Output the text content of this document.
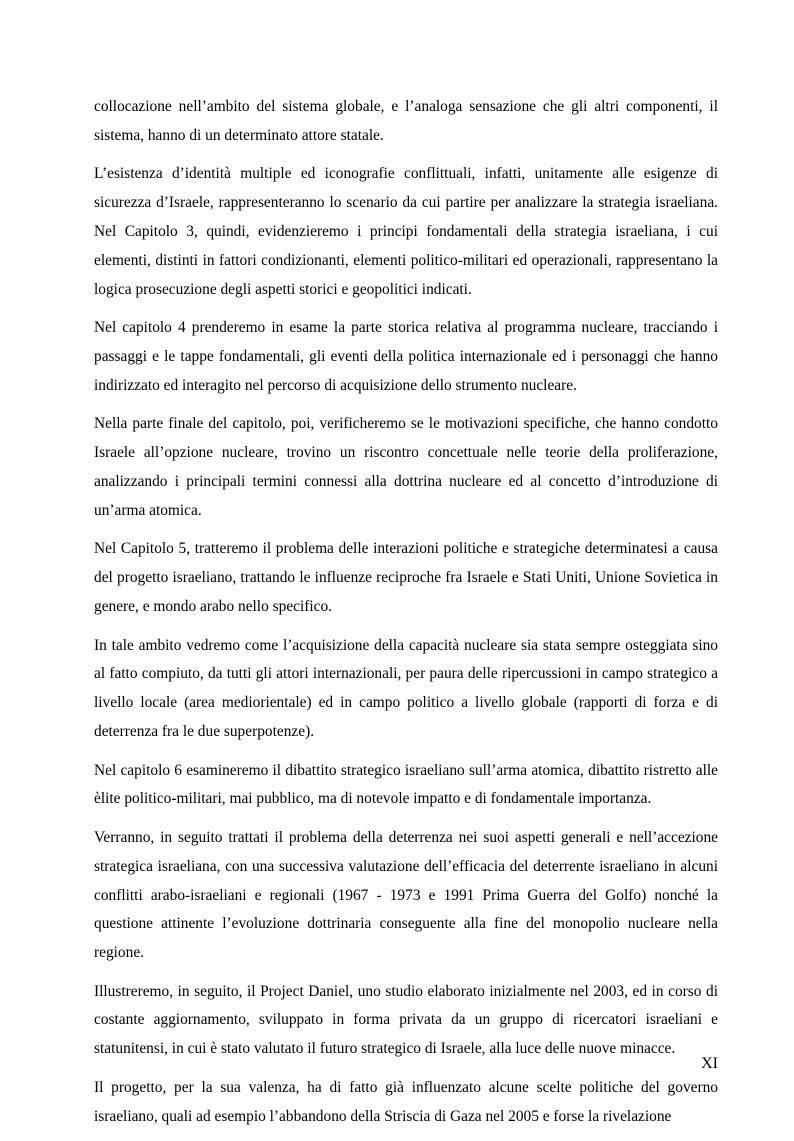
collocazione nell’ambito del sistema globale, e l’analoga sensazione che gli altri componenti, il sistema, hanno di un determinato attore statale.

L’esistenza d’identità multiple ed iconografie conflittuali, infatti, unitamente alle esigenze di sicurezza d’Israele, rappresenteranno lo scenario da cui partire per analizzare la strategia israeliana. Nel Capitolo 3, quindi, evidenzieremo i principi fondamentali della strategia israeliana, i cui elementi, distinti in fattori condizionanti, elementi politico-militari ed operazionali, rappresentano la logica prosecuzione degli aspetti storici e geopolitici indicati.

Nel capitolo 4 prenderemo in esame la parte storica relativa al programma nucleare, tracciando i passaggi e le tappe fondamentali, gli eventi della politica internazionale ed i personaggi che hanno indirizzato ed interagito nel percorso di acquisizione dello strumento nucleare.

Nella parte finale del capitolo, poi, verificheremo se le motivazioni specifiche, che hanno condotto Israele all’opzione nucleare, trovino un riscontro concettuale nelle teorie della proliferazione, analizzando i principali termini connessi alla dottrina nucleare ed al concetto d’introduzione di un’arma atomica.

Nel Capitolo 5, tratteremo il problema delle interazioni politiche e strategiche determinatesi a causa del progetto israeliano, trattando le influenze reciproche fra Israele e Stati Uniti, Unione Sovietica in genere, e mondo arabo nello specifico.

In tale ambito vedremo come l’acquisizione della capacità nucleare sia stata sempre osteggiata sino al fatto compiuto, da tutti gli attori internazionali, per paura delle ripercussioni in campo strategico a livello locale (area mediorientale) ed in campo politico a livello globale (rapporti di forza e di deterrenza fra le due superpotenze).

Nel capitolo 6 esamineremo il dibattito strategico israeliano sull’arma atomica, dibattito ristretto alle èlite politico-militari, mai pubblico, ma di notevole impatto e di fondamentale importanza.

Verranno, in seguito trattati il problema della deterrenza nei suoi aspetti generali e nell’accezione strategica israeliana, con una successiva valutazione dell’efficacia del deterrente israeliano in alcuni conflitti arabo-israeliani e regionali (1967 - 1973 e 1991 Prima Guerra del Golfo) nonché la questione attinente l’evoluzione dottrinaria conseguente alla fine del monopolio nucleare nella regione.

Illustreremo, in seguito, il Project Daniel, uno studio elaborato inizialmente nel 2003, ed in corso di costante aggiornamento, sviluppato in forma privata da un gruppo di ricercatori israeliani e statunitensi, in cui è stato valutato il futuro strategico di Israele, alla luce delle nuove minacce.

Il progetto, per la sua valenza, ha di fatto già influenzato alcune scelte politiche del governo israeliano, quali ad esempio l’abbandono della Striscia di Gaza nel 2005 e forse la rivelazione

XI
